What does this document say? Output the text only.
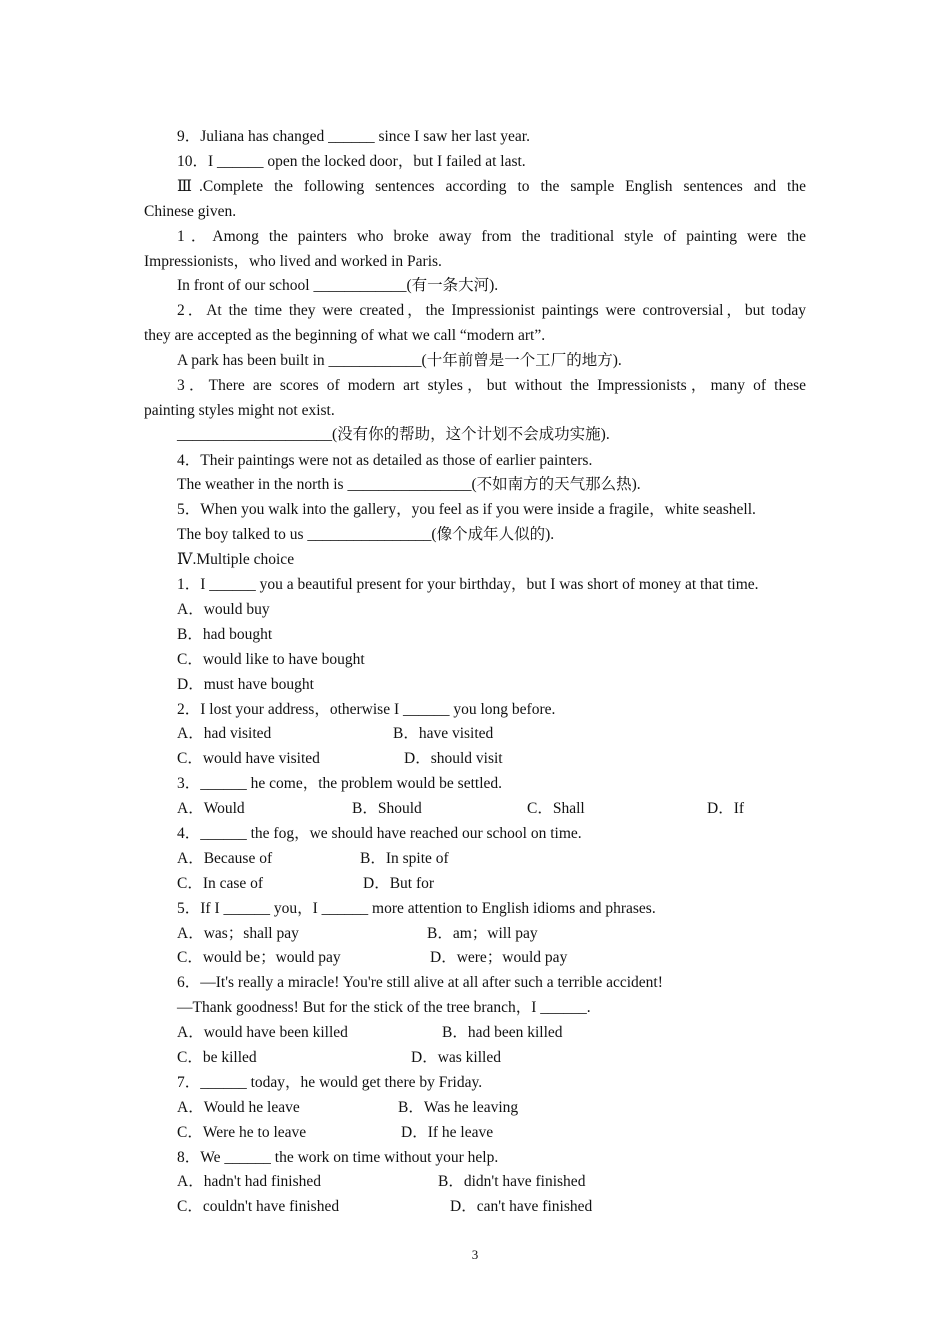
9．Juliana has changed ______ since I saw her last year.
10．I ______ open the locked door，but I failed at last.
Ⅲ.Complete the following sentences according to the sample English sentences and the
Chinese given.
1．Among the painters who broke away from the traditional style of painting were the
Impressionists，who lived and worked in Paris.
In front of our school ____________(有一条大河).
2．At the time they were created，the Impressionist paintings were controversial，but today
they are accepted as the beginning of what we call “modern art”.
A park has been built in ____________(十年前曾是一个工厂的地方).
3．There are scores of modern art styles，but without the Impressionists，many of these
painting styles might not exist.
____________________(没有你的帮助，这个计划不会成功实施).
4．Their paintings were not as detailed as those of earlier painters.
The weather in the north is ________________(不如南方的天气那么热).
5．When you walk into the gallery，you feel as if you were inside a fragile，white seashell.
The boy talked to us ________________(像个成年人似的).
Ⅳ.Multiple choice
1．I ______ you a beautiful present for your birthday，but I was short of money at that time.
A．would buy
B．had bought
C．would like to have bought
D．must have bought
2．I lost your address，otherwise I ______ you long before.
A．had visited	B．have visited
C．would have visited	D．should visit
3．______ he come，the problem would be settled.
A．Would	B．Should	C．Shall	D．If
4．______ the fog，we should have reached our school on time.
A．Because of	B．In spite of
C．In case of	D．But for
5．If I ______ you，I ______ more attention to English idioms and phrases.
A．was；shall pay	B．am；will pay
C．would be；would pay	D．were；would pay
6．—It's really a miracle! You're still alive at all after such a terrible accident!
—Thank goodness! But for the stick of the tree branch，I ______.
A．would have been killed	B．had been killed
C．be killed	D．was killed
7．______ today，he would get there by Friday.
A．Would he leave	B．Was he leaving
C．Were he to leave	D．If he leave
8．We ______ the work on time without your help.
A．hadn't had finished	B．didn't have finished
C．couldn't have finished	D．can't have finished
3
